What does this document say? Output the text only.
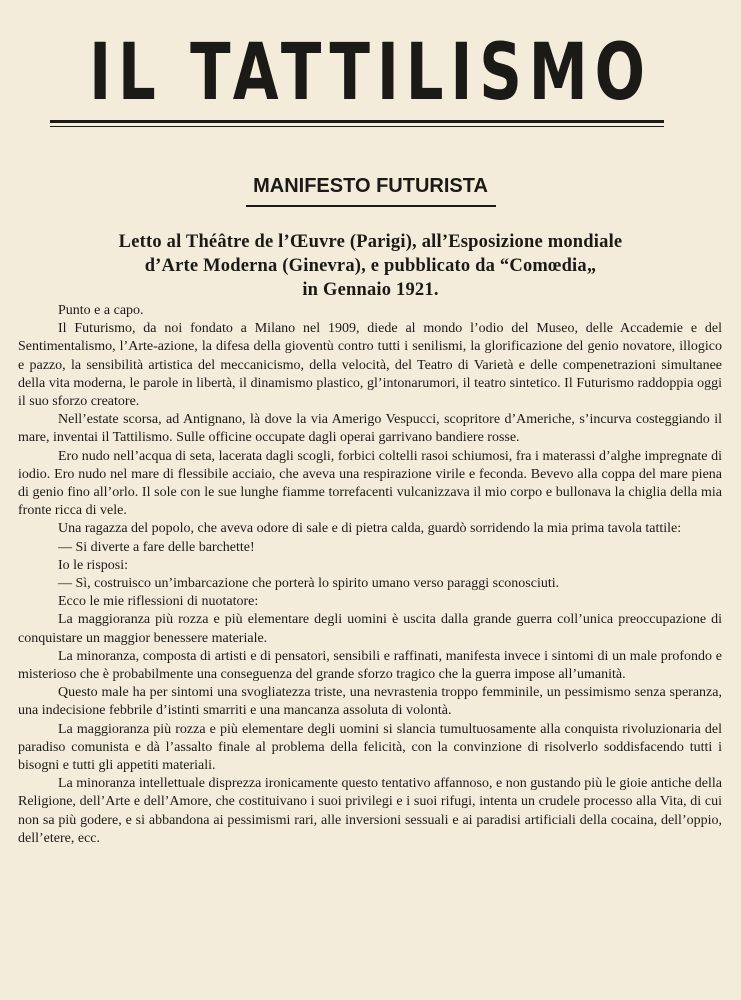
IL TATTILISMO
MANIFESTO FUTURISTA
Letto al Théâtre de l’Œuvre (Parigi), all’Esposizione mondiale
d’Arte Moderna (Ginevra), e pubblicato da “Comœdia„
in Gennaio 1921.

Punto e a capo.

Il Futurismo, da noi fondato a Milano nel 1909, diede al mondo l’odio del Museo, delle Accademie e del Sentimentalismo, l’Arte-azione, la difesa della gioventù contro tutti i senilismi, la glorificazione del genio novatore, illogico e pazzo, la sensibilità artistica del meccanicismo, della velocità, del Teatro di Varietà e delle compenetrazioni simultanee della vita moderna, le parole in libertà, il dinamismo plastico, gl’intonarumori, il teatro sintetico. Il Futurismo raddoppia oggi il suo sforzo creatore.

Nell’estate scorsa, ad Antignano, là dove la via Amerigo Vespucci, scopritore d’Americhe, s’incurva costeggiando il mare, inventai il Tattilismo. Sulle officine occupate dagli operai garrivano bandiere rosse.

Ero nudo nell’acqua di seta, lacerata dagli scogli, forbici coltelli rasoi schiumosi, fra i materassi d’alghe impregnate di iodio. Ero nudo nel mare di flessibile acciaio, che aveva una respirazione virile e feconda. Bevevo alla coppa del mare piena di genio fino all’orlo. Il sole con le sue lunghe fiamme torrefacenti vulcanizzava il mio corpo e bullonava la chiglia della mia fronte ricca di vele.

Una ragazza del popolo, che aveva odore di sale e di pietra calda, guardò sorridendo la mia prima tavola tattile:

— Si diverte a fare delle barchette!

Io le risposi:

— Sì, costruisco un’imbarcazione che porterà lo spirito umano verso paraggi sconosciuti.

Ecco le mie riflessioni di nuotatore:

La maggioranza più rozza e più elementare degli uomini è uscita dalla grande guerra coll’unica preoccupazione di conquistare un maggior benessere materiale.

La minoranza, composta di artisti e di pensatori, sensibili e raffinati, manifesta invece i sintomi di un male profondo e misterioso che è probabilmente una conseguenza del grande sforzo tragico che la guerra impose all’umanità.

Questo male ha per sintomi una svogliatezza triste, una nevrastenia troppo femminile, un pessimismo senza speranza, una indecisione febbrile d’istinti smarriti e una mancanza assoluta di volontà.

La maggioranza più rozza e più elementare degli uomini si slancia tumultuosamente alla conquista rivoluzionaria del paradiso comunista e dà l’assalto finale al problema della felicità, con la convinzione di risolverlo soddisfacendo tutti i bisogni e tutti gli appetiti materiali.

La minoranza intellettuale disprezza ironicamente questo tentativo affannoso, e non gustando più le gioie antiche della Religione, dell’Arte e dell’Amore, che costituivano i suoi privilegi e i suoi rifugi, intenta un crudele processo alla Vita, di cui non sa più godere, e si abbandona ai pessimismi rari, alle inversioni sessuali e ai paradisi artificiali della cocaina, dell’oppio, dell’etere, ecc.
